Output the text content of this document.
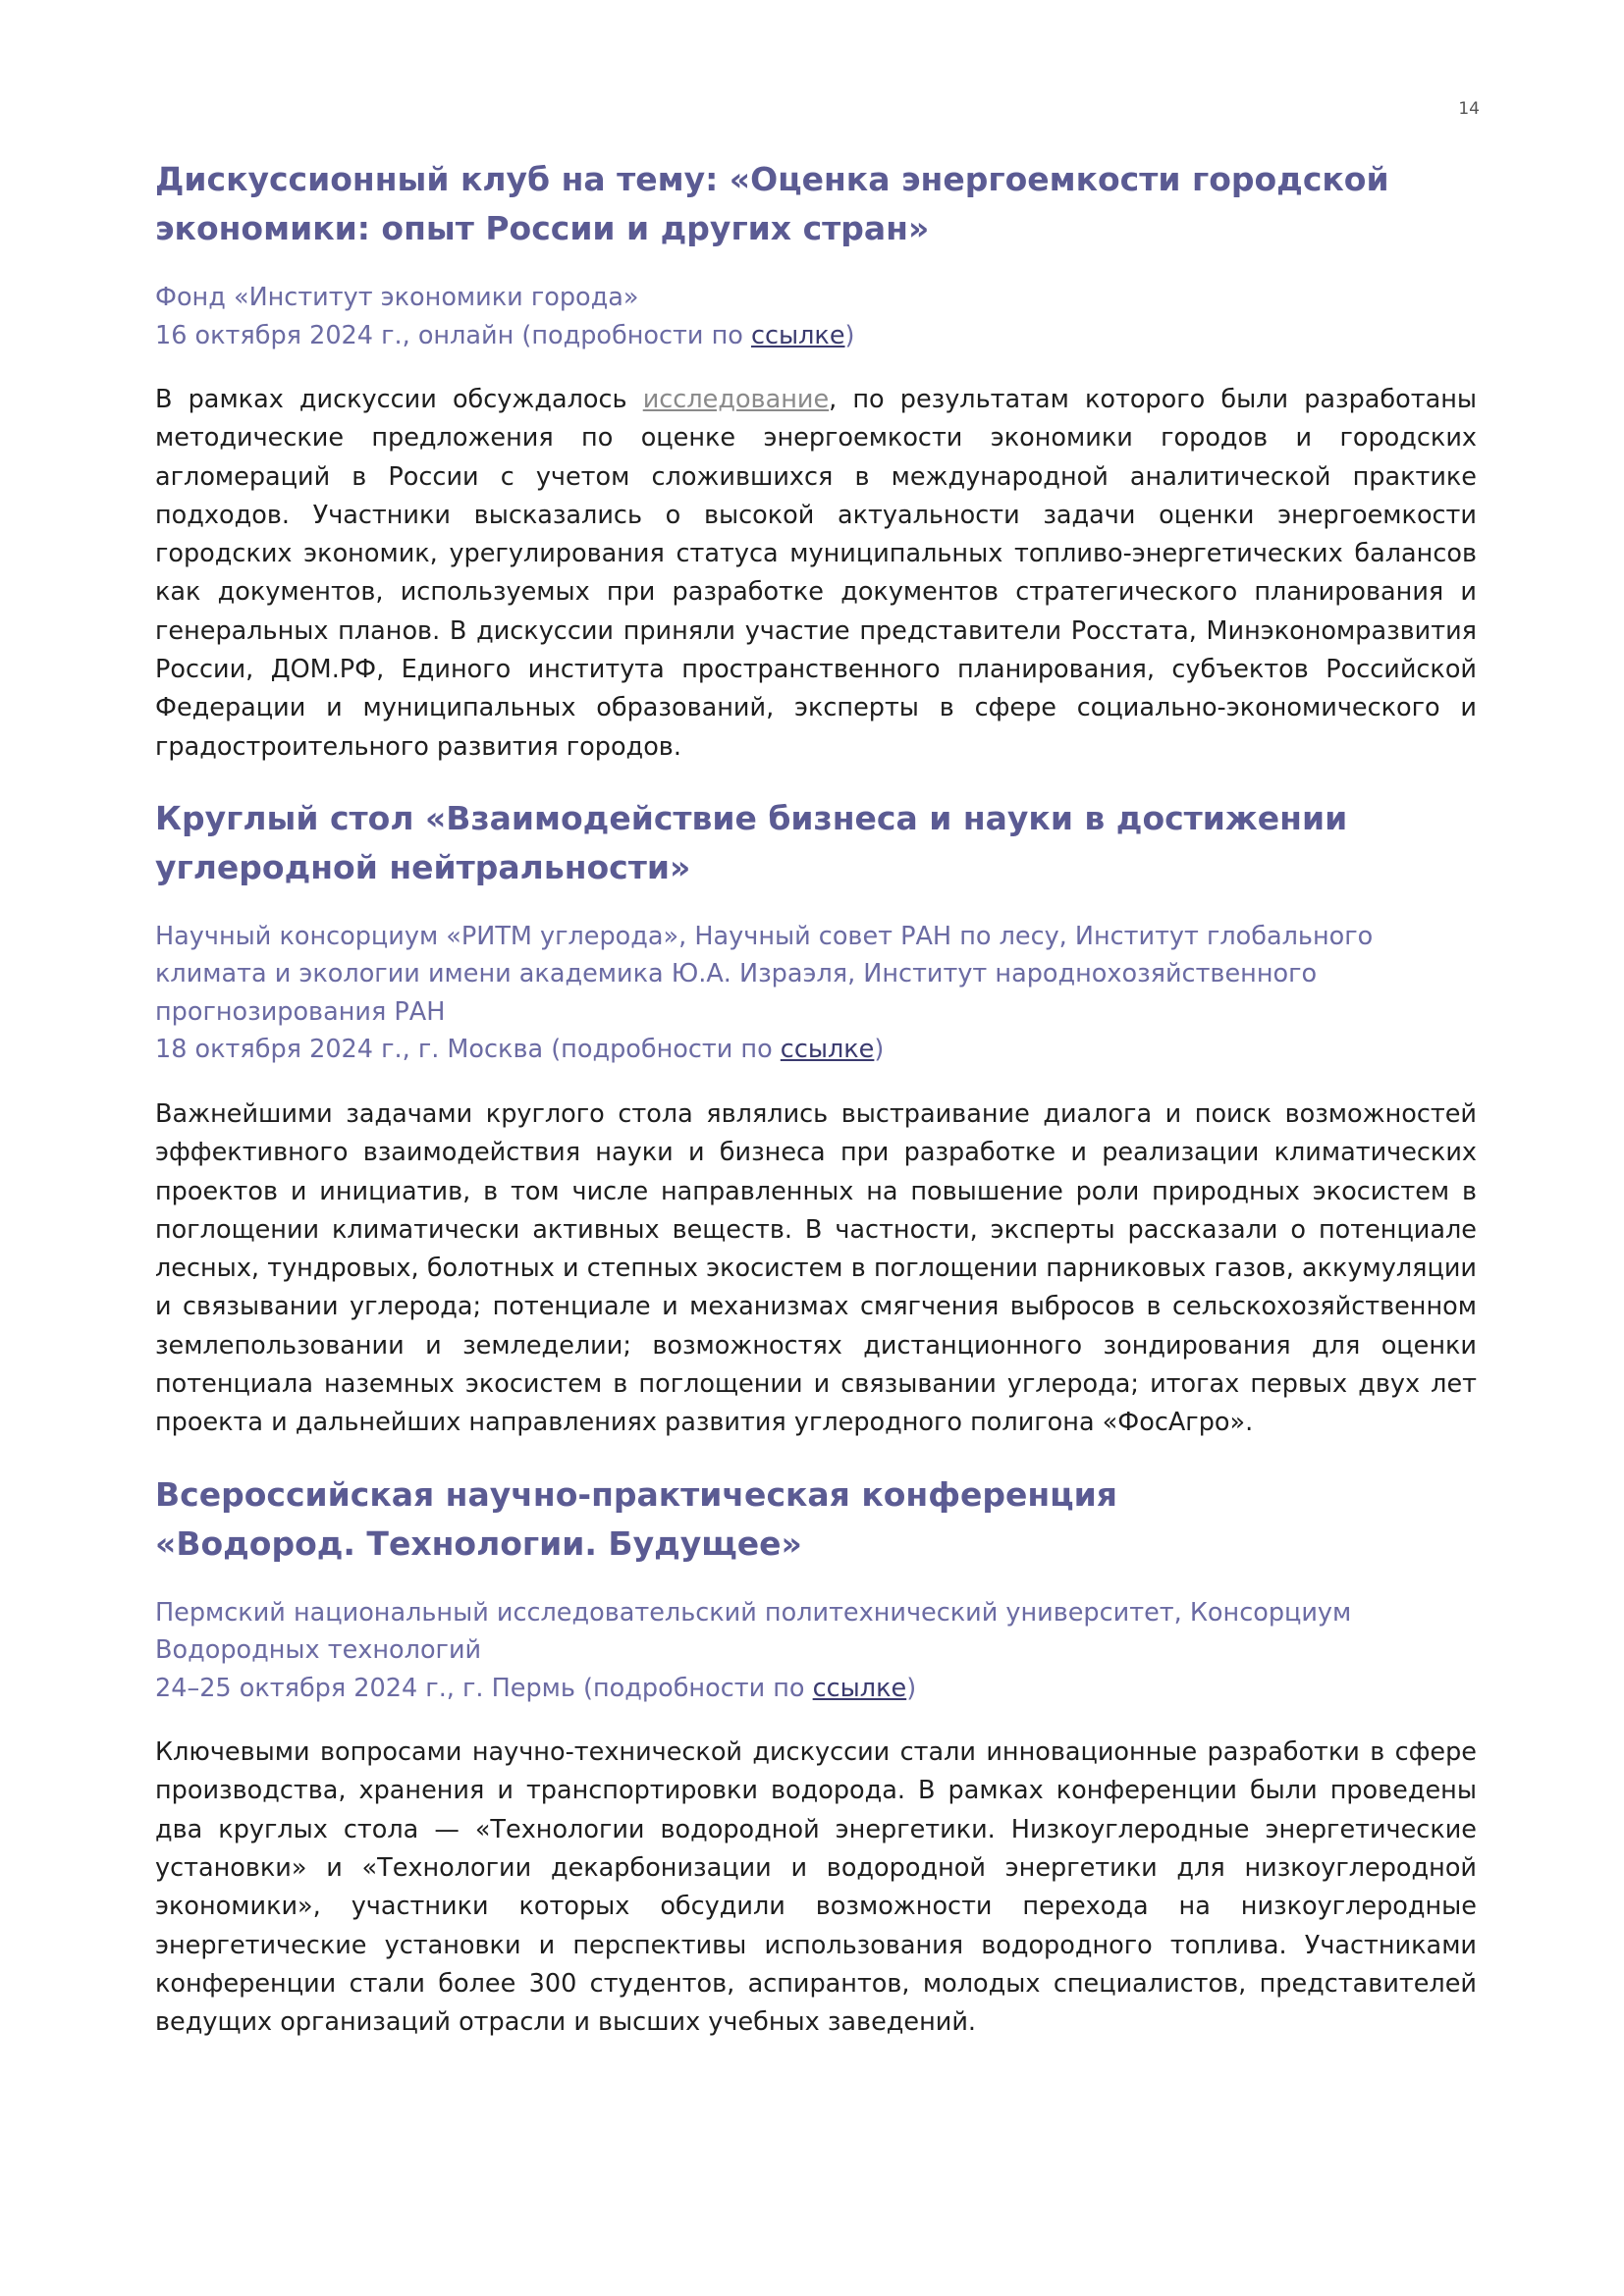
14
Дискуссионный клуб на тему: «Оценка энергоемкости городской экономики: опыт России и других стран»
Фонд «Институт экономики города»
16 октября 2024 г., онлайн (подробности по ссылке)

В рамках дискуссии обсуждалось исследование, по результатам которого были разработаны методические предложения по оценке энергоемкости экономики городов и городских агломераций в России с учетом сложившихся в международной аналитической практике подходов. Участники высказались о высокой актуальности задачи оценки энергоемкости городских экономик, урегулирования статуса муниципальных топливо-энергетических балансов как документов, используемых при разработке документов стратегического планирования и генеральных планов. В дискуссии приняли участие представители Росстата, Минэкономразвития России, ДОМ.РФ, Единого института пространственного планирования, субъектов Российской Федерации и муниципальных образований, эксперты в сфере социально-экономического и градостроительного развития городов.

Круглый стол «Взаимодействие бизнеса и науки в достижении углеродной нейтральности»
Научный консорциум «РИТМ углерода», Научный совет РАН по лесу, Институт глобального климата и экологии имени академика Ю.А. Израэля, Институт народнохозяйственного прогнозирования РАН
18 октября 2024 г., г. Москва (подробности по ссылке)

Важнейшими задачами круглого стола являлись выстраивание диалога и поиск возможностей эффективного взаимодействия науки и бизнеса при разработке и реализации климатических проектов и инициатив, в том числе направленных на повышение роли природных экосистем в поглощении климатически активных веществ. В частности, эксперты рассказали о потенциале лесных, тундровых, болотных и степных экосистем в поглощении парниковых газов, аккумуляции и связывании углерода; потенциале и механизмах смягчения выбросов в сельскохозяйственном землепользовании и земледелии; возможностях дистанционного зондирования для оценки потенциала наземных экосистем в поглощении и связывании углерода; итогах первых двух лет проекта и дальнейших направлениях развития углеродного полигона «ФосАгро».

Всероссийская научно-практическая конференция
«Водород. Технологии. Будущее»
Пермский национальный исследовательский политехнический университет, Консорциум Водородных технологий
24–25 октября 2024 г., г. Пермь (подробности по ссылке)

Ключевыми вопросами научно-технической дискуссии стали инновационные разработки в сфере производства, хранения и транспортировки водорода. В рамках конференции были проведены два круглых стола — «Технологии водородной энергетики. Низкоуглеродные энергетические установки» и «Технологии декарбонизации и водородной энергетики для низкоуглеродной экономики», участники которых обсудили возможности перехода на низкоуглеродные энергетические установки и перспективы использования водородного топлива. Участниками конференции стали более 300 студентов, аспирантов, молодых специалистов, представителей ведущих организаций отрасли и высших учебных заведений.
